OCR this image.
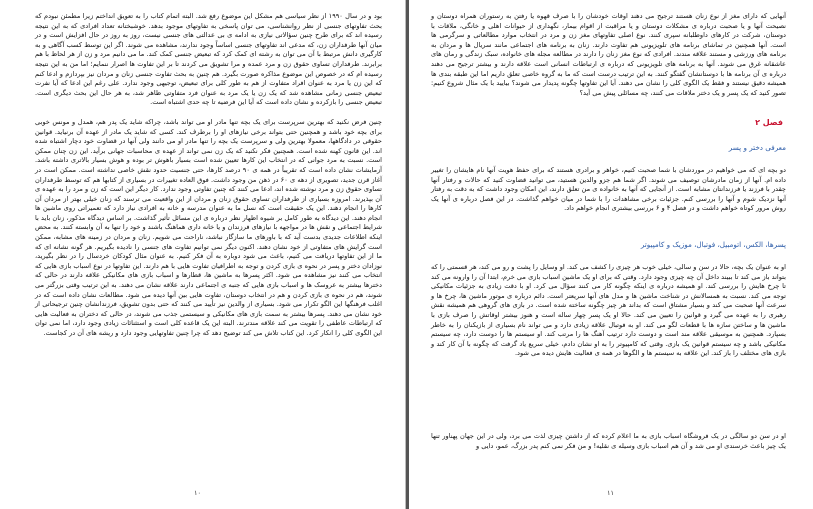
بود و در سال ۱۹۹۰ از نظر سیاسی هم مشکل این موضوع رفع شد. البته اتمام کتاب را به تعویق انداختم زیرا مطمئن نبودم که بحث تفاوتهای جنسی از نظر روانشناسی، می توان پاسخی به تفاوتهای موجود بدهد. خوشبختانه تعداد افرادی که به این نتیجه رسیده اند که برای طرح چنین سؤالاتی نیازی به ادامه ی بی عدالتی های جنسی نیست، روز به روز در حال افزایش است و در میان آنها طرفداران زن، که مدعی اند تفاوتهای جنسی اساساً وجود ندارند، مشاهده می شوند. اگر این توسط کسب آگاهی و به کارگیری دانش مرتبط با آن می توان به رشته ای کمک کرد که تبعیض جنسی کمک کند. ما می دانیم مرد و زن از هر لحاظ با هم برابرند. طرفداران تساوی حقوق زن و مرد عمده و مرا تشویق می کردند تا بر این تفاوت ها اصرار ننمایم؛ اما من به این نتیجه رسیده ام که در خصوص این موضوع مذاکره صورت بگیرد. هم چنین به بحث تفاوت جنسی زنان و مردان نیز بپردازم و ادعا کنم که این زن یا مرد به عنوان افراد متفاوت از هم به طور کلی برای تبعیض، توجیهی وجود ندارد. علی رغم این ادعا که آیا نفرت تبعیض جنسی زمانی مشاهده شد که یک زن یا یک مرد به عنوان فرد متفاوتی ظاهر شد، به هر حال این بحث دیگری است. تبعیض جنسی را بازکرده و نشان داده است که آیا این فرضیه تا چه حدی اشتباه است.

چنین فرض نکنید که بهترین سرپرست برای یک بچه تنها مادر او می تواند باشد، چراکه شاید یک پدر هم، همدل و مونس خوبی برای بچه خود باشد و همچنین حتی بتواند برخی نیازهای او را برطرف کند. کسی که شاید یک مادر از عهده آن برنیاید. قوانین حقوقی در دادگاهها، معمولا بهترین ولی و سرپرست یک بچه را تنها مادر او می دانند ولی آنها در قضاوت خود دچار اشتباه شده اند. این قانون کهنه شده است. همچنین فکر نکنید که یک زن نمی تواند از عهده ی محاسبات جهانی برآید. این زن چنان ممکن است. نسبت به مرد جوانی که در انتخاب این کارها تعیین شده است بسیار باهوش تر بوده و هوش بسیار بالاتری داشته باشد. آزمایشات نشان داده است که تقریباً در همه ی ۹۰ درصد کارها، حتی جنسیت حدود نقش خاصی نداشته است. ممکن است در آغاز قرن جدید، تصویری از دهه ی ۶۰ در ذهن من وجود داشت. فوق العاده تغییرات در بسیاری از کتابها هم که توسط طرفداران تساوی حقوق زن و مرد نوشته شده اند، ادعا می کنند که چنین تفاوتی وجود ندارد. کار دیگر این است که زن و مرد را به عهده ی آن بپذیرند. امروزه بسیاری از طرفداران تساوی حقوق زنان و مردان از این واقعیت می ترسند که زنان خیلی بهتر از مردان آن کارها را انجام دهند. این یک حقیقت است که نسل ما به عنوان مدرسه و خانه به افرادی نیاز دارد که تعمیراتی روی ماشین ها انجام دهند. این دیدگاه به طور کامل بر شیوه اظهار نظر درباره ی این مسائل تأثیر گذاشت. بر اساس دیدگاه مذکور، زنان باید با شرایط اجتماعی و نقش ها در مواجهه با نیازهای فرزندان و یا خانه داری هماهنگ باشند و خود را تنها به آن وابسته کنند. به محض اینکه اطلاعات جدیدی بدست آید که با باورهای ما سازگار نباشد، ناراحت می شویم. زنان و مردان در زمینه های مشابه، ممکن است گرایش های متفاوتی از خود نشان دهند. اکنون دیگر نمی توانیم تفاوت های جنسی را نادیده بگیریم. هر گونه نشانه ای که ما از این تفاوتها دریافت می کنیم، باعث می شود دوباره به آن فکر کنیم. به عنوان مثال کودکان خردسال را در نظر بگیرید، نوزادان دختر و پسر در نحوه ی بازی کردن و توجه به اطرافیان تفاوت هایی با هم دارند. این تفاوتها در نوع اسباب بازی هایی که انتخاب می کنند نیز مشاهده می شود. اکثر پسرها به ماشین ها، قطارها و اسباب بازی های مکانیکی علاقه دارند در حالی که دخترها بیشتر به عروسک ها و اسباب بازی هایی که جنبه ی اجتماعی دارند علاقه نشان می دهند. به این ترتیب وقتی بزرگتر می شوند، هم در نحوه ی بازی کردن و هم در انتخاب دوستان، تفاوت هایی بین آنها دیده می شود. مطالعات نشان داده است که در اغلب فرهنگها این الگو تکرار می شود. بسیاری از والدین نیز تأیید می کنند که حتی بدون تشویق، فرزندانشان چنین ترجیحاتی از خود نشان می دهند. پسرها بیشتر به سمت بازی های مکانیکی و سیستمی جذب می شوند، در حالی که دختران به فعالیت هایی که ارتباطات عاطفی را تقویت می کند علاقه مندترند. البته این یک قاعده کلی است و استثنائات زیادی وجود دارد، اما نمی توان این الگوی کلی را انکار کرد. این کتاب تلاش می کند توضیح دهد که چرا چنین تفاوتهایی وجود دارد و ریشه های آن در کجاست.

۱۰
آنهایی که دارای مغز از نوع زنان هستند ترجیح می دهند اوقات خودشان را با صرف قهوه یا رفتن به رستوران همراه دوستان و نصیحت آنها و یا صحبت درباره ی مشکلات دوستان و یا مراقبت از اقوام بیمار، نگهداری از حیوانات اهلی و خانگی، ملاقات با دوستان، شرکت در کارهای داوطلبانه سپری کنند. نوع اصلی تفاوتهای مغز زن و مرد در انتخاب موارد مطالعاتی و سرگرمی ها است. آنها همچنین در تماشای برنامه های تلویزیونی هم تفاوت دارند. زنان به برنامه های اجتماعی مانند سریال ها و مردان به برنامه های ورزشی و مستند علاقه مندند. افرادی که نوع مغز زنان را دارند در مطالعه مجله های خانواده، سبک زندگی و رمان های عاشقانه غرق می شوند. آنها به برنامه های تلویزیونی که درباره ی ارتباطات انسانی است علاقه دارند و بیشتر ترجیح می دهند درباره ی آن برنامه ها با دوستانشان گفتگو کنند. به این ترتیب درست است که ما به گروه خاصی تعلق داریم اما این طبقه بندی ها همیشه دقیق نیستند و فقط یک الگوی کلی را نشان می دهند. آیا این تفاوتها چگونه پدیدار می شوند؟ بیایید با یک مثال شروع کنیم: تصور کنید که یک پسر و یک دختر ملاقات می کنند، چه مسائلی پیش می آید؟
فصل ۲
معرفی دختر و پسر
دو بچه ای که می خواهیم در موردشان با شما صحبت کنیم، خواهر و برادری هستند که برای حفظ هویت آنها نام هایشان را تغییر داده ام. آنها از زمان مادرشان توصیف می شوند. اگر شما هم جزو والدین هستید، می توانید قضاوت کنید که حالات و رفتار آنها چقدر با فرزند یا فرزندانتان مشابه است. از آنجایی که آنها به خانواده ی من تعلق دارند، این امکان وجود داشت که به دقت به رفتار آنها نزدیک شوم و آنها را بررسی کنم. جزئیات برخی مشاهدات را با شما در میان خواهم گذاشت. در این فصل درباره ی آنها یک روش مرور کوتاه خواهم داشت و در فصل ۴ و ۶ بررسی بیشتری انجام خواهم داد.
پسرها، الکس، اتومبیل، فوتبال، موزیک و کامپیوتر
او به عنوان یک بچه، حالا در سن و سالی، خیلی خوب هر چیزی را کشف می کند. او وسایل را پشت و رو می کند، هر قسمتی را که بتواند باز می کند تا ببیند داخل آن چه چیزی وجود دارد. وقتی که برای او یک ماشین اسباب بازی می خرم، ابتدا آن را وارونه می کند تا چرخ هایش را بررسی کند. او همیشه درباره ی اینکه چگونه کار می کنند سؤال می کرد. او با دقت زیادی به جزئیات مکانیکی توجه می کند. نسبت به همسالانش در شناخت ماشین ها و مدل های آنها سریعتر است. دائم درباره ی موتور ماشین ها، چرخ ها و سرعت آنها صحبت می کند و بسیار مشتاق است که بداند هر چیز چگونه ساخته شده است. در بازی های گروهی هم همیشه نقش رهبری را به عهده می گیرد و قوانین را تعیین می کند. حالا او یک پسر چهار ساله است و هنوز بیشتر اوقاتش را صرف بازی با ماشین ها و ساختن سازه ها با قطعات لگو می کند. او به فوتبال علاقه زیادی دارد و می تواند نام بسیاری از بازیکنان را به خاطر بسپارد. همچنین به موسیقی علاقه مند است و دوست دارد ترتیب آهنگ ها را مرتب کند. او سیستم ها را دوست دارد، چه سیستم مکانیکی باشد و چه سیستم قوانین یک بازی. وقتی که کامپیوتر را به او نشان دادم، خیلی سریع یاد گرفت که چگونه با آن کار کند و بازی های مختلف را باز کند. این علاقه به سیستم ها و الگوها در همه ی فعالیت هایش دیده می شود.
او در سن دو سالگی در یک فروشگاه اسباب بازی به ما اعلام کرده که از داشتن چیزی لذت می برد، ولی در این جهان پهناور تنها یک چیز باعث خرسندی او می شد و آن هم اسباب بازی وسیله ی نقلیه! و من فکر نمی کنم پدر بزرگ، عمو، دایی و
۱۱
